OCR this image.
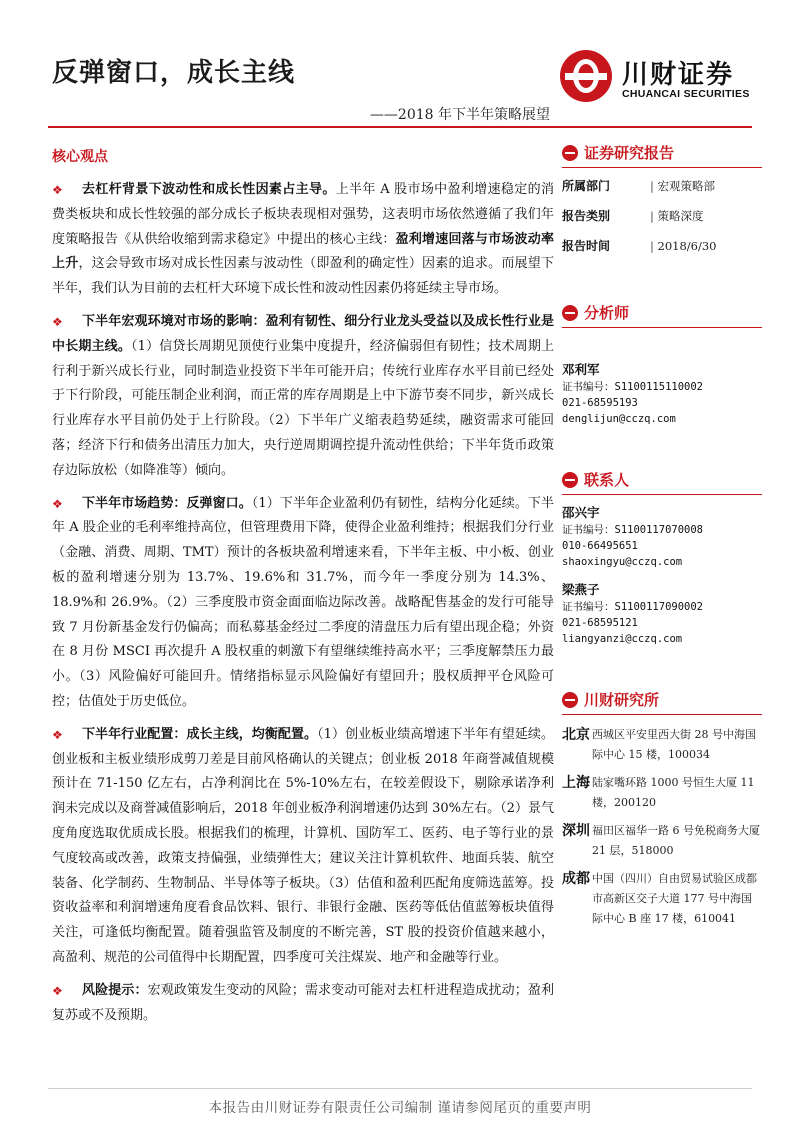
反弹窗口，成长主线
——2018 年下半年策略展望
川财证券
CHUANCAI SECURITIES
核心观点
❖ 去杠杆背景下波动性和成长性因素占主导。上半年 A 股市场中盈利增速稳定的消费类板块和成长性较强的部分成长子板块表现相对强势，这表明市场依然遵循了我们年度策略报告《从供给收缩到需求稳定》中提出的核心主线：盈利增速回落与市场波动率上升，这会导致市场对成长性因素与波动性（即盈利的确定性）因素的追求。而展望下半年，我们认为目前的去杠杆大环境下成长性和波动性因素仍将延续主导市场。
❖ 下半年宏观环境对市场的影响：盈利有韧性、细分行业龙头受益以及成长性行业是中长期主线。（1）信贷长周期见顶使行业集中度提升，经济偏弱但有韧性；技术周期上行利于新兴成长行业，同时制造业投资下半年可能开启；传统行业库存水平目前已经处于下行阶段，可能压制企业利润，而正常的库存周期是上中下游节奏不同步，新兴成长行业库存水平目前仍处于上行阶段。（2）下半年广义缩表趋势延续，融资需求可能回落；经济下行和债务出清压力加大，央行逆周期调控提升流动性供给；下半年货币政策存边际放松（如降准等）倾向。
❖ 下半年市场趋势：反弹窗口。（1）下半年企业盈利仍有韧性，结构分化延续。下半年 A 股企业的毛利率维持高位，但管理费用下降，使得企业盈利维持；根据我们分行业（金融、消费、周期、TMT）预计的各板块盈利增速来看，下半年主板、中小板、创业板的盈利增速分别为 13.7%、19.6%和 31.7%，而今年一季度分别为 14.3%、18.9%和 26.9%。（2）三季度股市资金面面临边际改善。战略配售基金的发行可能导致 7 月份新基金发行仍偏高；而私募基金经过二季度的清盘压力后有望出现企稳；外资在 8 月份 MSCI 再次提升 A 股权重的刺激下有望继续维持高水平；三季度解禁压力最小。（3）风险偏好可能回升。情绪指标显示风险偏好有望回升；股权质押平仓风险可控；估值处于历史低位。
❖ 下半年行业配置：成长主线，均衡配置。（1）创业板业绩高增速下半年有望延续。创业板和主板业绩形成剪刀差是目前风格确认的关键点；创业板 2018 年商誉减值规模预计在 71-150 亿左右，占净利润比在 5%-10%左右，在较差假设下，剔除承诺净利润未完成以及商誉减值影响后，2018 年创业板净利润增速仍达到 30%左右。（2）景气度角度选取优质成长股。根据我们的梳理，计算机、国防军工、医药、电子等行业的景气度较高或改善，政策支持偏强，业绩弹性大；建议关注计算机软件、地面兵装、航空装备、化学制药、生物制品、半导体等子板块。（3）估值和盈利匹配角度筛选蓝筹。投资收益率和利润增速角度看食品饮料、银行、非银行金融、医药等低估值蓝筹板块值得关注，可逢低均衡配置。随着强监管及制度的不断完善，ST 股的投资价值越来越小，高盈利、规范的公司值得中长期配置，四季度可关注煤炭、地产和金融等行业。
❖ 风险提示：宏观政策发生变动的风险；需求变动可能对去杠杆进程造成扰动；盈利复苏或不及预期。
证券研究报告
所属部门	| 宏观策略部
报告类别	| 策略深度
报告时间	| 2018/6/30
分析师
邓利军
证书编号：S1100115110002
021-68595193
denglijun@cczq.com
联系人
邵兴宇
证书编号：S1100117070008
010-66495651
shaoxingyu@cczq.com
梁燕子
证书编号：S1100117090002
021-68595121
liangyanzi@cczq.com
川财研究所
北京 西城区平安里西大街 28 号中海国际中心 15 楼，100034
上海 陆家嘴环路 1000 号恒生大厦 11 楼，200120
深圳 福田区福华一路 6 号免税商务大厦 21 层，518000
成都 中国（四川）自由贸易试验区成都市高新区交子大道 177 号中海国际中心 B 座 17 楼，610041
本报告由川财证券有限责任公司编制 谨请参阅尾页的重要声明
